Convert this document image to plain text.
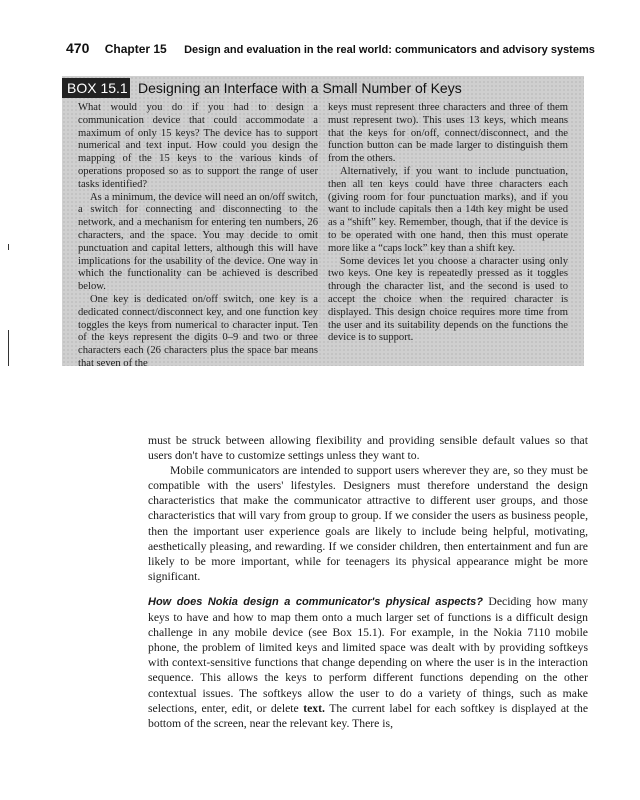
470 Chapter 15 Design and evaluation in the real world: communicators and advisory systems
BOX 15.1 Designing an Interface with a Small Number of Keys

What would you do if you had to design a communication device that could accommodate a maximum of only 15 keys? The device has to support numerical and text input. How could you design the mapping of the 15 keys to the various kinds of operations proposed so as to support the range of user tasks identified?

As a minimum, the device will need an on/off switch, a switch for connecting and disconnecting to the network, and a mechanism for entering ten numbers, 26 characters, and the space. You may decide to omit punctuation and capital letters, although this will have implications for the usability of the device. One way in which the functionality can be achieved is described below.

One key is dedicated on/off switch, one key is a dedicated connect/disconnect key, and one function key toggles the keys from numerical to character input. Ten of the keys represent the digits 0–9 and two or three characters each (26 characters plus the space bar means that seven of the

keys must represent three characters and three of them must represent two). This uses 13 keys, which means that the keys for on/off, connect/disconnect, and the function button can be made larger to distinguish them from the others.

Alternatively, if you want to include punctuation, then all ten keys could have three characters each (giving room for four punctuation marks), and if you want to include capitals then a 14th key might be used as a “shift” key. Remember, though, that if the device is to be operated with one hand, then this must operate more like a “caps lock” key than a shift key.

Some devices let you choose a character using only two keys. One key is repeatedly pressed as it toggles through the character list, and the second is used to accept the choice when the required character is displayed. This design choice requires more time from the user and its suitability depends on the functions the device is to support.

must be struck between allowing flexibility and providing sensible default values so that users don't have to customize settings unless they want to.

Mobile communicators are intended to support users wherever they are, so they must be compatible with the users' lifestyles. Designers must therefore understand the design characteristics that make the communicator attractive to different user groups, and those characteristics that will vary from group to group. If we consider the users as business people, then the important user experience goals are likely to include being helpful, motivating, aesthetically pleasing, and rewarding. If we consider children, then entertainment and fun are likely to be more important, while for teenagers its physical appearance might be more significant.

How does Nokia design a communicator's physical aspects? Deciding how many keys to have and how to map them onto a much larger set of functions is a difficult design challenge in any mobile device (see Box 15.1). For example, in the Nokia 7110 mobile phone, the problem of limited keys and limited space was dealt with by providing softkeys with context-sensitive functions that change depending on where the user is in the interaction sequence. This allows the keys to perform different functions depending on the other contextual issues. The softkeys allow the user to do a variety of things, such as make selections, enter, edit, or delete text. The current label for each softkey is displayed at the bottom of the screen, near the relevant key. There is,
